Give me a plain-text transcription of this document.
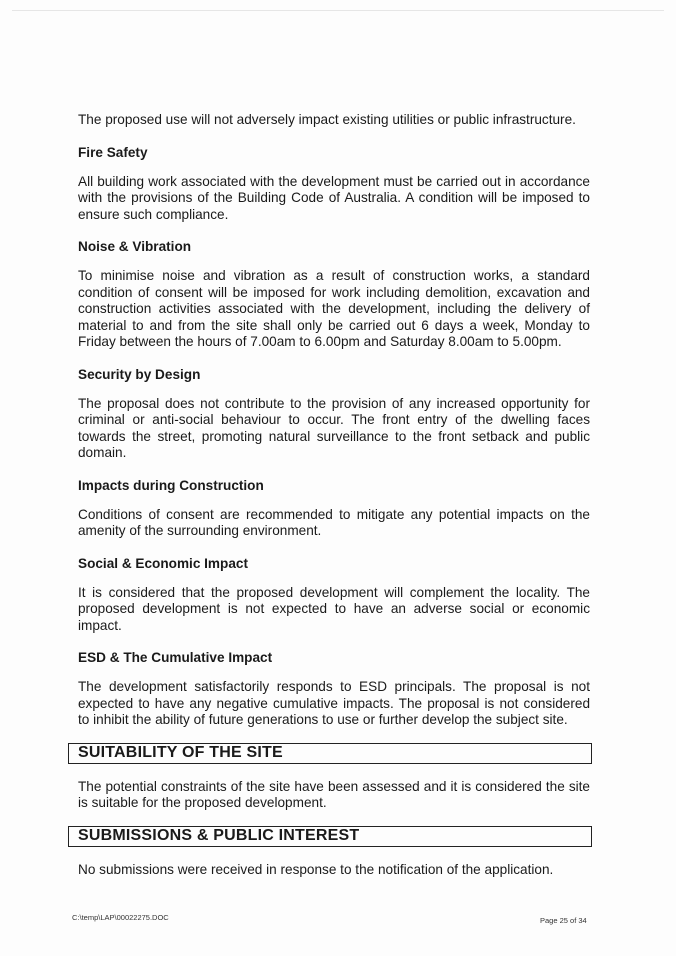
The proposed use will not adversely impact existing utilities or public infrastructure.

Fire Safety

All building work associated with the development must be carried out in accordance with the provisions of the Building Code of Australia. A condition will be imposed to ensure such compliance.

Noise & Vibration

To minimise noise and vibration as a result of construction works, a standard condition of consent will be imposed for work including demolition, excavation and construction activities associated with the development, including the delivery of material to and from the site shall only be carried out 6 days a week, Monday to Friday between the hours of 7.00am to 6.00pm and Saturday 8.00am to 5.00pm.

Security by Design

The proposal does not contribute to the provision of any increased opportunity for criminal or anti-social behaviour to occur. The front entry of the dwelling faces towards the street, promoting natural surveillance to the front setback and public domain.

Impacts during Construction

Conditions of consent are recommended to mitigate any potential impacts on the amenity of the surrounding environment.

Social & Economic Impact

It is considered that the proposed development will complement the locality. The proposed development is not expected to have an adverse social or economic impact.

ESD & The Cumulative Impact

The development satisfactorily responds to ESD principals. The proposal is not expected to have any negative cumulative impacts. The proposal is not considered to inhibit the ability of future generations to use or further develop the subject site.

SUITABILITY OF THE SITE

The potential constraints of the site have been assessed and it is considered the site is suitable for the proposed development.

SUBMISSIONS & PUBLIC INTEREST

No submissions were received in response to the notification of the application.

C:\temp\LAP\00022275.DOC	Page 25 of 34
